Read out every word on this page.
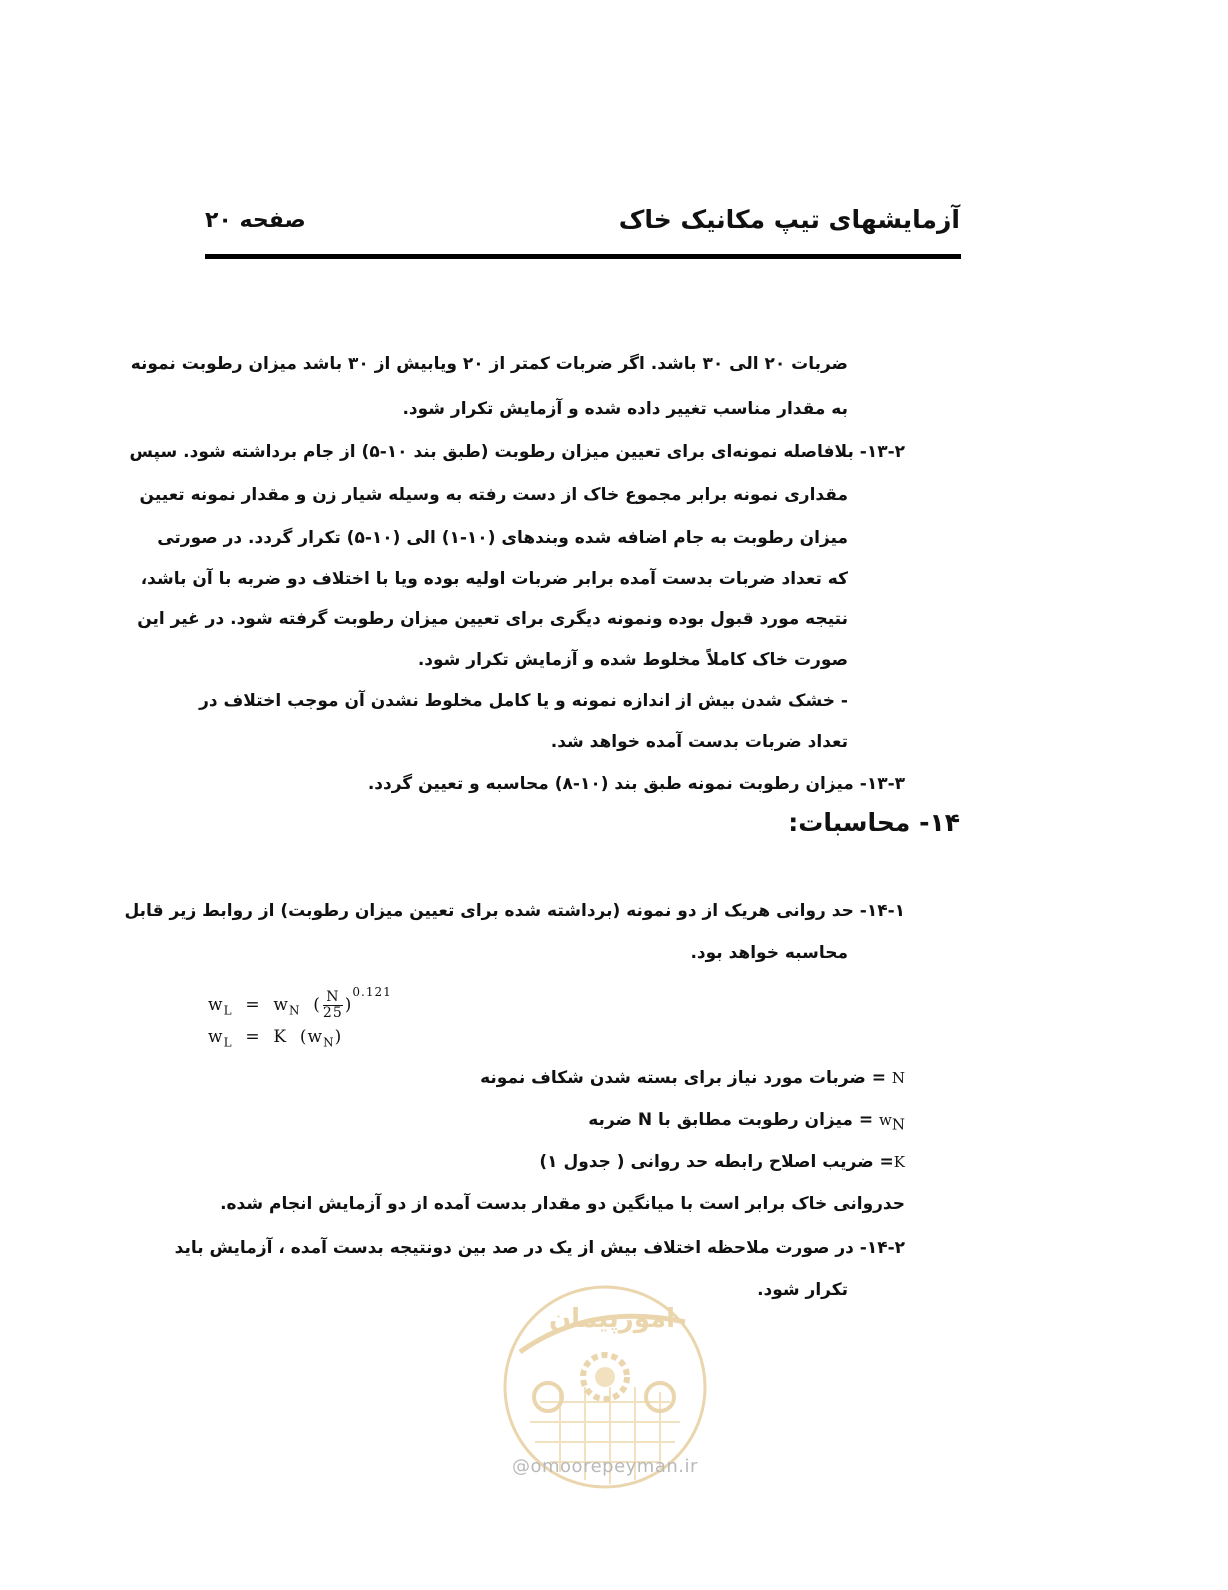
آزمایشهای تیپ مکانیک خاک
صفحه ۲۰

ضربات ۲۰ الی ۳۰ باشد. اگر ضربات کمتر از ۲۰ ویابیش از ۳۰ باشد میزان رطوبت نمونه

به مقدار مناسب تغییر داده شده و آزمایش تکرار شود.

۱۳-۲- بلافاصله نمونه‌ای برای تعیین میزان رطوبت (طبق بند ۱۰-۵) از جام برداشته شود. سپس

مقداری نمونه برابر مجموع خاک از دست رفته به وسیله شیار زن و مقدار نمونه تعیین

میزان رطوبت به جام اضافه شده وبندهای (۱۰-۱) الی (۱۰-۵) تکرار گردد. در صورتی

که تعداد ضربات بدست آمده برابر ضربات اولیه بوده ویا با اختلاف دو ضربه با آن باشد،

نتیجه مورد قبول بوده ونمونه دیگری برای تعیین میزان رطوبت گرفته شود. در غیر این

صورت خاک کاملاً مخلوط شده و آزمایش تکرار شود.

- خشک شدن بیش از اندازه نمونه و یا کامل مخلوط نشدن آن موجب اختلاف در

تعداد ضربات بدست آمده خواهد شد.

۱۳-۳- میزان رطوبت نمونه طبق بند (۱۰-۸) محاسبه و تعیین گردد.

۱۴- محاسبات:

۱۴-۱- حد روانی هریک از دو نمونه (برداشته شده برای تعیین میزان رطوبت) از روابط زیر قابل

محاسبه خواهد بود.

$w_L = w_N$  ( $\frac{N}{25} )^{0.121}$
$w_L = K$ $(w_N)$
N = ضربات مورد نیاز برای بسته شدن شکاف نمونه
$w_N$ = میزان رطوبت مطابق با N ضربه
K= ضریب اصلاح رابطه حد روانی ( جدول ۱)

حدروانی خاک برابر است با میانگین دو مقدار بدست آمده از دو آزمایش انجام شده.

۱۴-۲- در صورت ملاحظه اختلاف بیش از یک در صد بین دونتیجه بدست آمده ، آزمایش باید

تکرار شود.

امورپیمان
@omoorepeyman.ir
